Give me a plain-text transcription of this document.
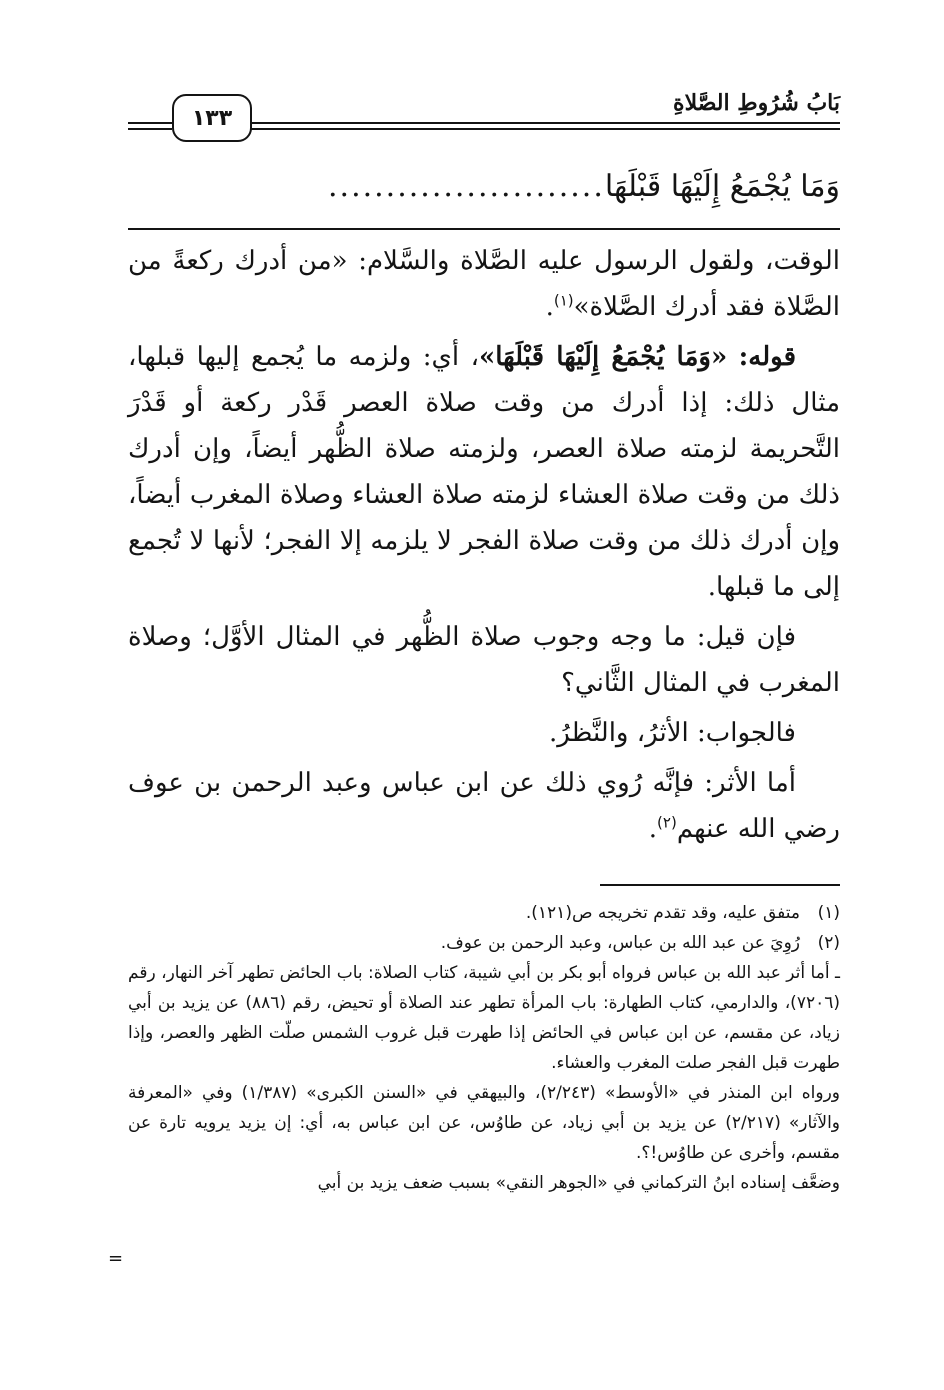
١٣٣
بَابُ شُرُوطِ الصَّلاةِ
وَمَا يُجْمَعُ إِلَيْهَا قَبْلَهَا
........................

الوقت، ولقول الرسول عليه الصَّلاة والسَّلام: «من أدرك ركعةً من الصَّلاة فقد أدرك الصَّلاة»$^{(١)}$.

قوله: «وَمَا يُجْمَعُ إِلَيْهَا قَبْلَهَا»، أي: ولزمه ما يُجمع إليها قبلها، مثال ذلك: إذا أدرك من وقت صلاة العصر قَدْر ركعة أو قَدْرَ التَّحريمة لزمته صلاة العصر، ولزمته صلاة الظُّهر أيضاً، وإن أدرك ذلك من وقت صلاة العشاء لزمته صلاة العشاء وصلاة المغرب أيضاً، وإن أدرك ذلك من وقت صلاة الفجر لا يلزمه إلا الفجر؛ لأنها لا تُجمع إلى ما قبلها.

فإن قيل: ما وجه وجوب صلاة الظُّهر في المثال الأوَّل؛ وصلاة المغرب في المثال الثَّاني؟

فالجواب: الأثرُ، والنَّظرُ.

أما الأثر: فإنَّه رُوي ذلك عن ابن عباس وعبد الرحمن بن عوف رضي الله عنهم$^{(٢)}$.

(١)
متفق عليه، وقد تقدم تخريجه ص(١٢١).
(٢)
رُوِيَ عن عبد الله بن عباس، وعبد الرحمن بن عوف.

ـ أما أثر عبد الله بن عباس فرواه أبو بكر بن أبي شيبة، كتاب الصلاة: باب الحائض تطهر آخر النهار، رقم (٧٢٠٦)، والدارمي، كتاب الطهارة: باب المرأة تطهر عند الصلاة أو تحيض، رقم (٨٨٦) عن يزيد بن أبي زياد، عن مقسم، عن ابن عباس في الحائض إذا طهرت قبل غروب الشمس صلّت الظهر والعصر، وإذا طهرت قبل الفجر صلت المغرب والعشاء.

ورواه ابن المنذر في «الأوسط» (٢/٢٤٣)، والبيهقي في «السنن الكبرى» (١/٣٨٧) وفي «المعرفة والآثار» (٢/٢١٧) عن يزيد بن أبي زياد، عن طاوُس، عن ابن عباس به، أي: إن يزيد يرويه تارة عن مقسم، وأخرى عن طاوُس!؟.

وضعَّف إسناده ابنُ التركماني في «الجوهر النقي» بسبب ضعف يزيد بن أبي

=
